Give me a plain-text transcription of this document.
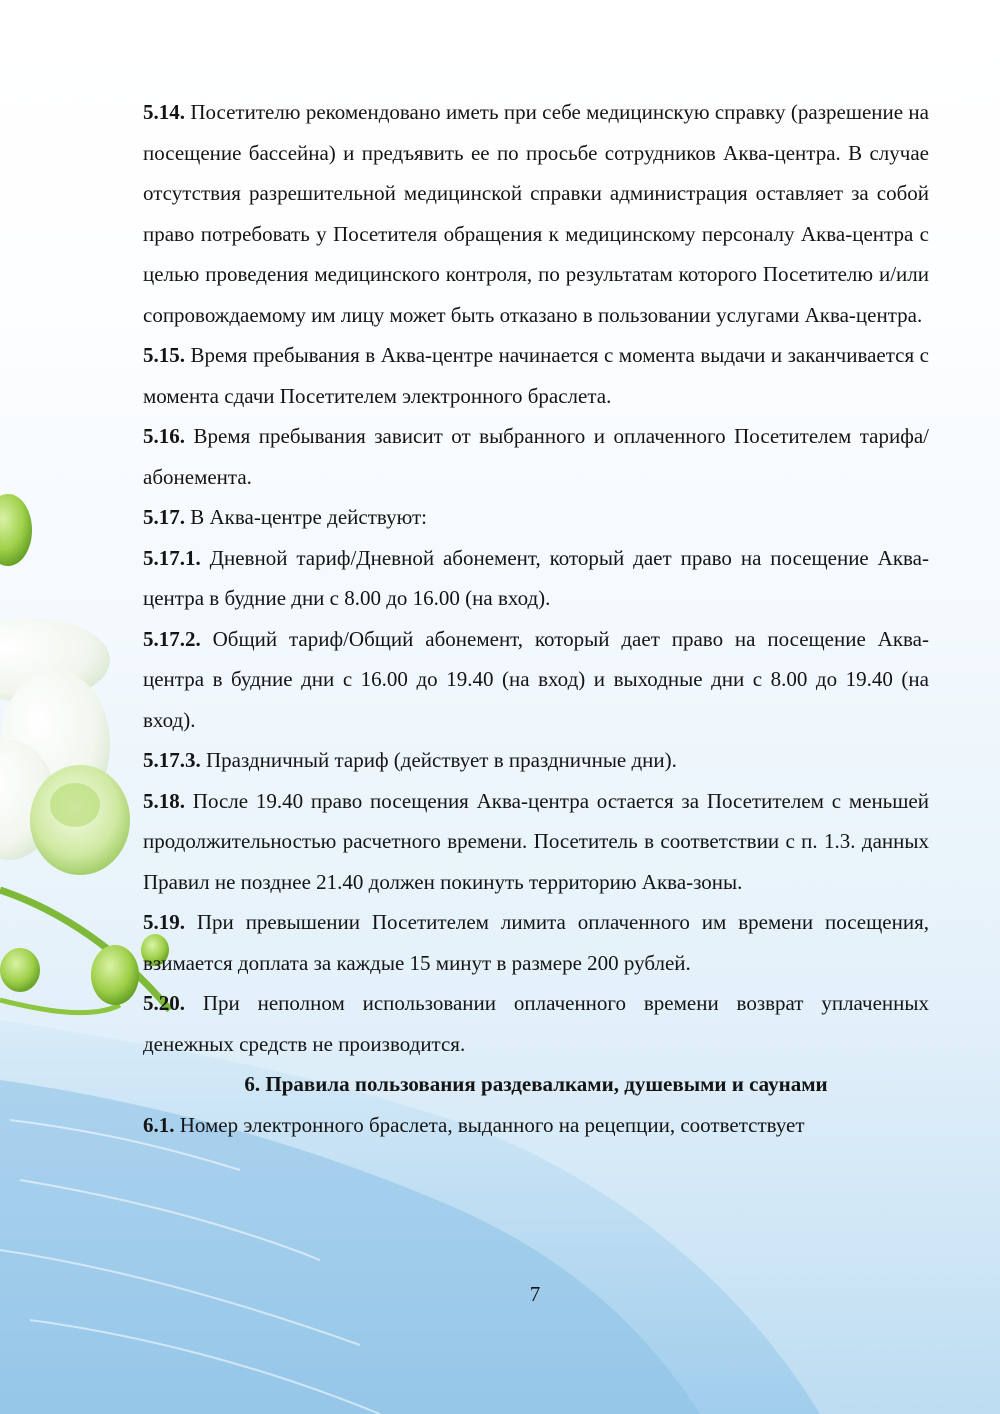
5.14. Посетителю рекомендовано иметь при себе медицинскую справку (разрешение на посещение бассейна) и предъявить ее по просьбе сотрудников Аква-центра. В случае отсутствия разрешительной медицинской справки администрация оставляет за собой право потребовать у Посетителя обращения к медицинскому персоналу Аква-центра с целью проведения медицинского контроля, по результатам которого Посетителю и/или сопровождаемому им лицу может быть отказано в пользовании услугами Аква-центра.

5.15. Время пребывания в Аква-центре начинается с момента выдачи и заканчивается с момента сдачи Посетителем электронного браслета.

5.16. Время пребывания зависит от выбранного и оплаченного Посетителем тарифа/абонемента.

5.17. В Аква-центре действуют:

5.17.1. Дневной тариф/Дневной абонемент, который дает право на посещение Аква-центра в будние дни с 8.00 до 16.00 (на вход).

5.17.2. Общий тариф/Общий абонемент, который дает право на посещение Аква-центра в будние дни с 16.00 до 19.40 (на вход) и выходные дни с 8.00 до 19.40 (на вход).

5.17.3. Праздничный тариф (действует в праздничные дни).

5.18. После 19.40 право посещения Аква-центра остается за Посетителем с меньшей продолжительностью расчетного времени. Посетитель в соответствии с п. 1.3. данных Правил не позднее 21.40 должен покинуть территорию Аква-зоны.

5.19. При превышении Посетителем лимита оплаченного им времени посещения, взимается доплата за каждые 15 минут в размере 200 рублей.

5.20. При неполном использовании оплаченного времени возврат уплаченных денежных средств не производится.

6. Правила пользования раздевалками, душевыми и саунами

6.1. Номер электронного браслета, выданного на рецепции, соответствует

7
